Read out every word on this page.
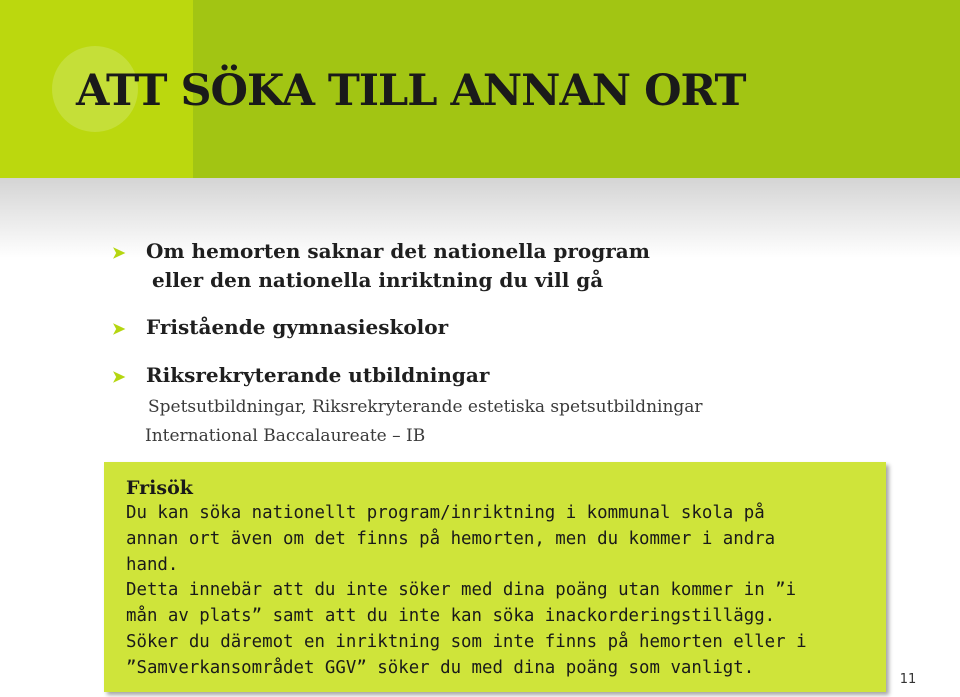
ATT SÖKA TILL ANNAN ORT
➤ Om hemorten saknar det nationella program
eller den nationella inriktning du vill gå
➤ Fristående gymnasieskolor
➤ Riksrekryterande utbildningar
Spetsutbildningar, Riksrekryterande estetiska spetsutbildningar
International Baccalaureate – IB
Frisök
Du kan söka nationellt program/inriktning i kommunal skola på
annan ort även om det finns på hemorten, men du kommer i andra
hand.
Detta innebär att du inte söker med dina poäng utan kommer in ”i
mån av plats” samt att du inte kan söka inackorderingstillägg.
Söker du däremot en inriktning som inte finns på hemorten eller i
”Samverkansområdet GGV” söker du med dina poäng som vanligt.
11
